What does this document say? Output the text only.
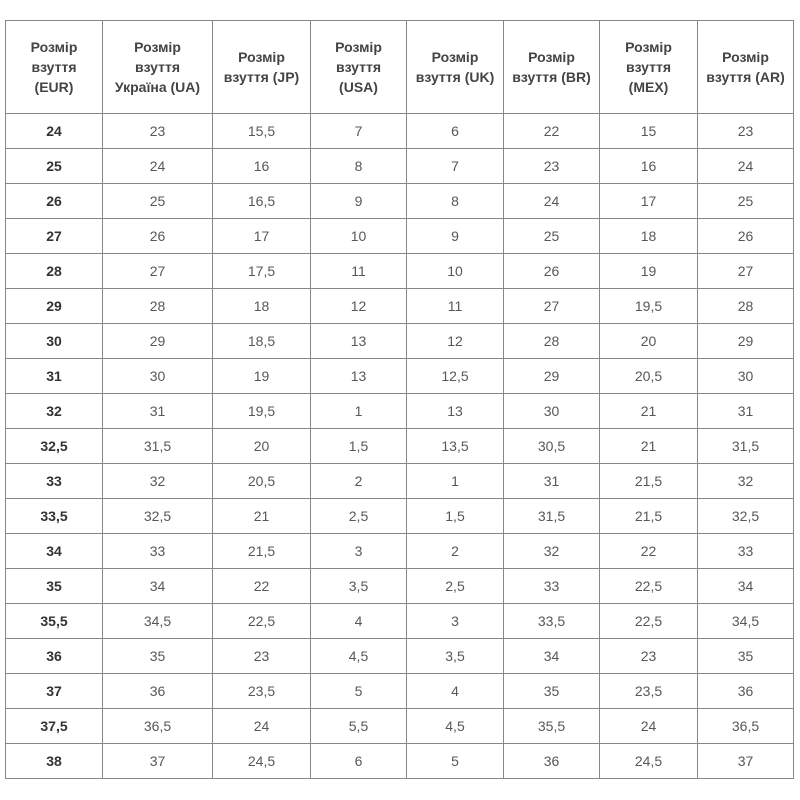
Розмір взуття (EUR)	Розмір взуття Україна (UA)	Розмір взуття (JP)	Розмір взуття (USA)	Розмір взуття (UK)	Розмір взуття (BR)	Розмір взуття (MEX)	Розмір взуття (AR)
24	23	15,5	7	6	22	15	23
25	24	16	8	7	23	16	24
26	25	16,5	9	8	24	17	25
27	26	17	10	9	25	18	26
28	27	17,5	11	10	26	19	27
29	28	18	12	11	27	19,5	28
30	29	18,5	13	12	28	20	29
31	30	19	13	12,5	29	20,5	30
32	31	19,5	1	13	30	21	31
32,5	31,5	20	1,5	13,5	30,5	21	31,5
33	32	20,5	2	1	31	21,5	32
33,5	32,5	21	2,5	1,5	31,5	21,5	32,5
34	33	21,5	3	2	32	22	33
35	34	22	3,5	2,5	33	22,5	34
35,5	34,5	22,5	4	3	33,5	22,5	34,5
36	35	23	4,5	3,5	34	23	35
37	36	23,5	5	4	35	23,5	36
37,5	36,5	24	5,5	4,5	35,5	24	36,5
38	37	24,5	6	5	36	24,5	37
